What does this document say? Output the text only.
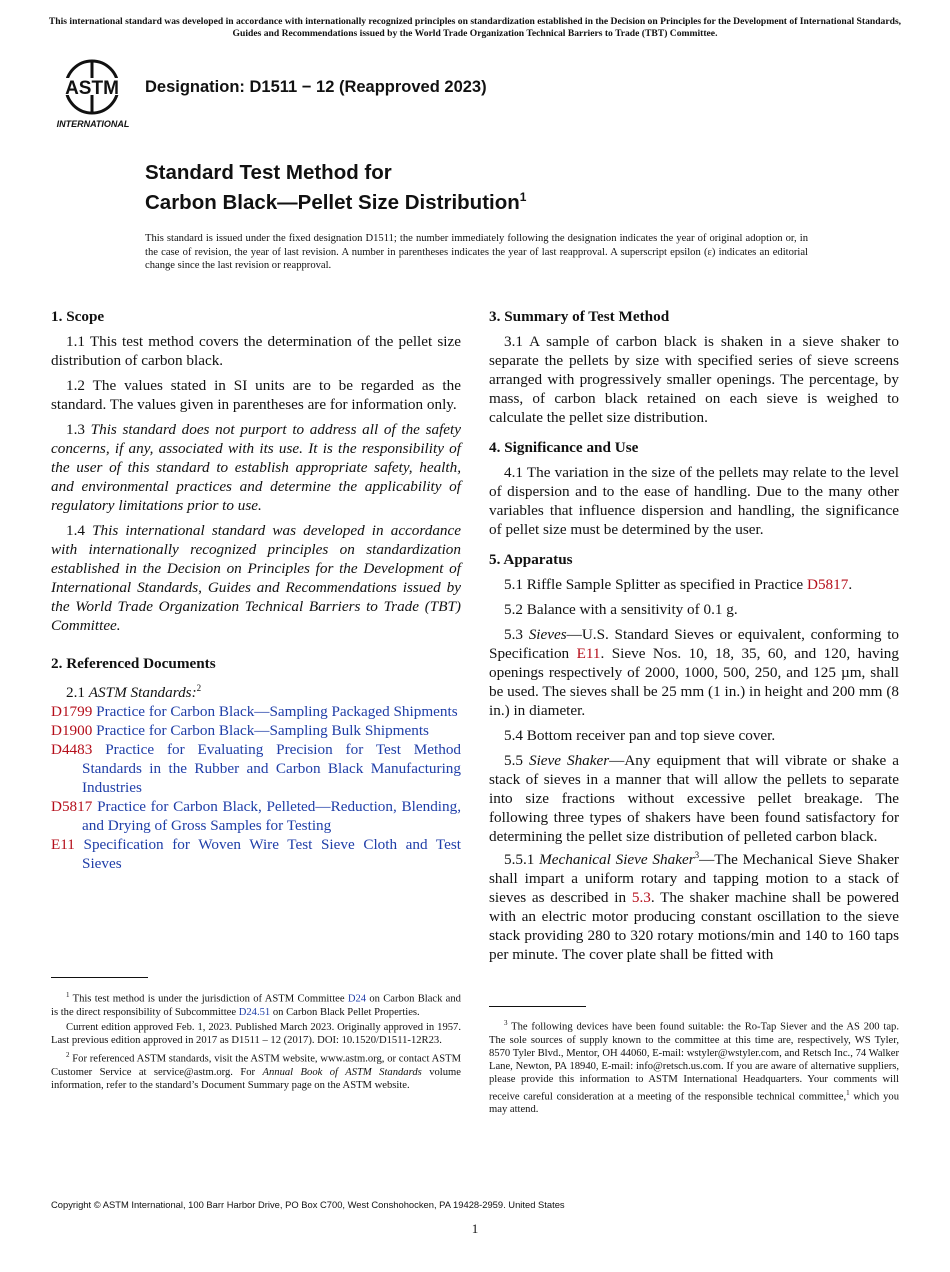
This international standard was developed in accordance with internationally recognized principles on standardization established in the Decision on Principles for the Development of International Standards, Guides and Recommendations issued by the World Trade Organization Technical Barriers to Trade (TBT) Committee.
ASTM
INTERNATIONAL
Designation: D1511 − 12 (Reapproved 2023)
Standard Test Method for
Carbon Black—Pellet Size Distribution$^1$
This standard is issued under the fixed designation D1511; the number immediately following the designation indicates the year of original adoption or, in the case of revision, the year of last revision. A number in parentheses indicates the year of last reapproval. A superscript epsilon (ε) indicates an editorial change since the last revision or reapproval.
1. Scope

1.1 This test method covers the determination of the pellet size distribution of carbon black.

1.2 The values stated in SI units are to be regarded as the standard. The values given in parentheses are for information only.

1.3 This standard does not purport to address all of the safety concerns, if any, associated with its use. It is the responsibility of the user of this standard to establish appropriate safety, health, and environmental practices and determine the applicability of regulatory limitations prior to use.

1.4 This international standard was developed in accordance with internationally recognized principles on standardization established in the Decision on Principles for the Development of International Standards, Guides and Recommendations issued by the World Trade Organization Technical Barriers to Trade (TBT) Committee.

2. Referenced Documents

2.1 ASTM Standards:$^2$

D1799 Practice for Carbon Black—Sampling Packaged Shipments

D1900 Practice for Carbon Black—Sampling Bulk Shipments

D4483 Practice for Evaluating Precision for Test Method Standards in the Rubber and Carbon Black Manufacturing Industries

D5817 Practice for Carbon Black, Pelleted—Reduction, Blending, and Drying of Gross Samples for Testing

E11 Specification for Woven Wire Test Sieve Cloth and Test Sieves

3. Summary of Test Method

3.1 A sample of carbon black is shaken in a sieve shaker to separate the pellets by size with specified series of sieve screens arranged with progressively smaller openings. The percentage, by mass, of carbon black retained on each sieve is weighed to calculate the pellet size distribution.

4. Significance and Use

4.1 The variation in the size of the pellets may relate to the level of dispersion and to the ease of handling. Due to the many other variables that influence dispersion and handling, the significance of pellet size must be determined by the user.

5. Apparatus

5.1 Riffle Sample Splitter as specified in Practice D5817.

5.2 Balance with a sensitivity of 0.1 g.

5.3 Sieves—U.S. Standard Sieves or equivalent, conforming to Specification E11. Sieve Nos. 10, 18, 35, 60, and 120, having openings respectively of 2000, 1000, 500, 250, and 125 µm, shall be used. The sieves shall be 25 mm (1 in.) in height and 200 mm (8 in.) in diameter.

5.4 Bottom receiver pan and top sieve cover.

5.5 Sieve Shaker—Any equipment that will vibrate or shake a stack of sieves in a manner that will allow the pellets to separate into size fractions without excessive pellet breakage. The following three types of shakers have been found satisfactory for determining the pellet size distribution of pelleted carbon black.

5.5.1 Mechanical Sieve Shaker$^3$—The Mechanical Sieve Shaker shall impart a uniform rotary and tapping motion to a stack of sieves as described in 5.3. The shaker machine shall be powered with an electric motor producing constant oscillation to the sieve stack providing 280 to 320 rotary motions/min and 140 to 160 taps per minute. The cover plate shall be fitted with

$^1$ This test method is under the jurisdiction of ASTM Committee D24 on Carbon Black and is the direct responsibility of Subcommittee D24.51 on Carbon Black Pellet Properties.

Current edition approved Feb. 1, 2023. Published March 2023. Originally approved in 1957. Last previous edition approved in 2017 as D1511 – 12 (2017). DOI: 10.1520/D1511-12R23.

$^2$ For referenced ASTM standards, visit the ASTM website, www.astm.org, or contact ASTM Customer Service at service@astm.org. For Annual Book of ASTM Standards volume information, refer to the standard’s Document Summary page on the ASTM website.

$^3$ The following devices have been found suitable: the Ro-Tap Siever and the AS 200 tap. The sole sources of supply known to the committee at this time are, respectively, WS Tyler, 8570 Tyler Blvd., Mentor, OH 44060, E-mail: wstyler@wstyler.com, and Retsch Inc., 74 Walker Lane, Newton, PA 18940, E-mail: info@retsch.us.com. If you are aware of alternative suppliers, please provide this information to ASTM International Headquarters. Your comments will receive careful consideration at a meeting of the responsible technical committee,$^1$ which you may attend.

Copyright © ASTM International, 100 Barr Harbor Drive, PO Box C700, West Conshohocken, PA 19428-2959. United States
1
